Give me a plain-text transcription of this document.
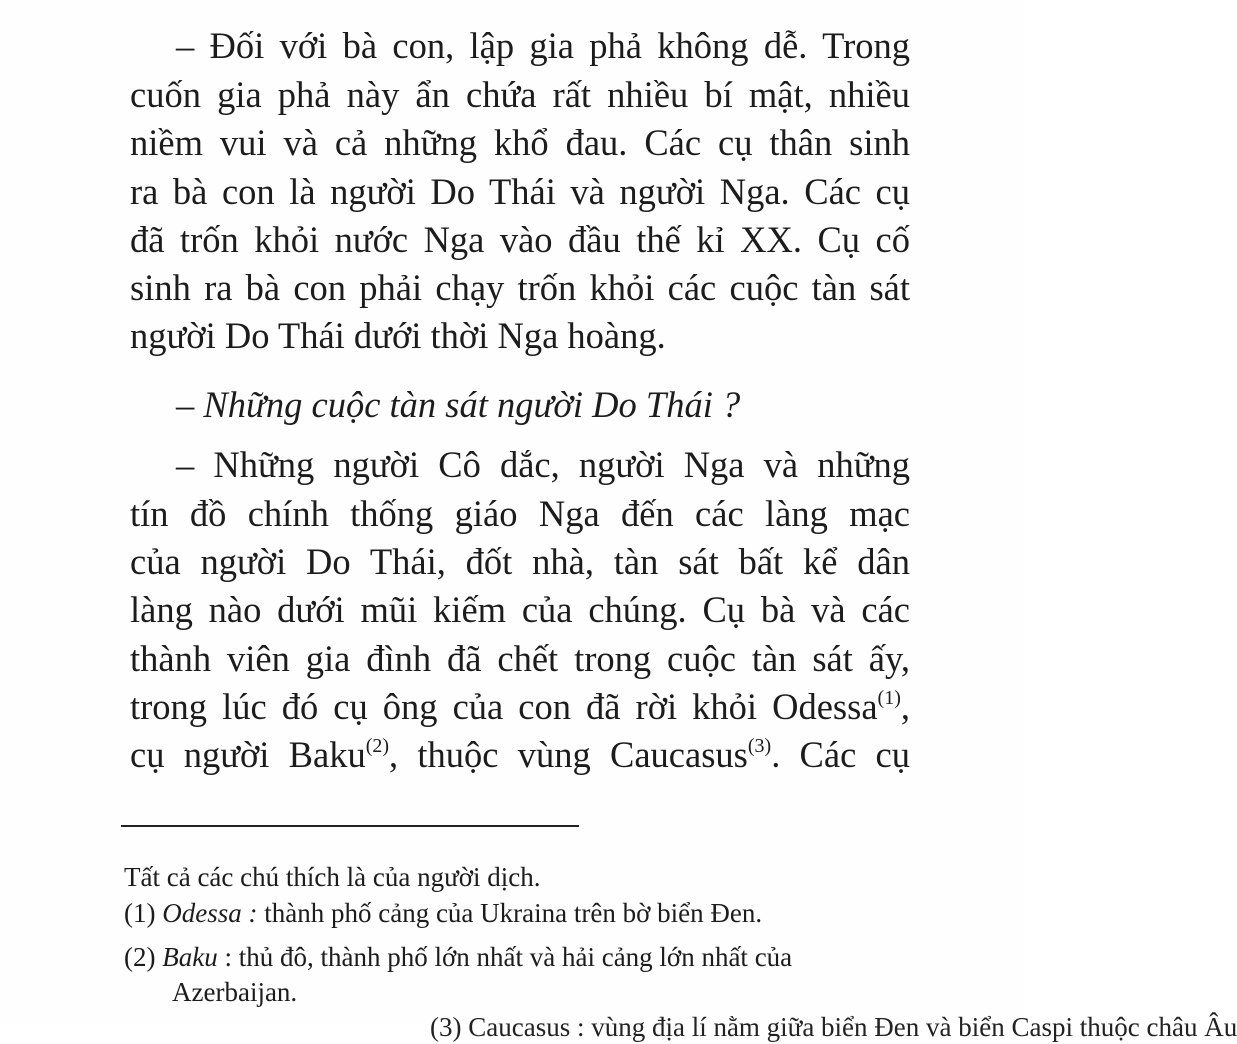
– Đối với bà con, lập gia phả không dễ. Trong
cuốn gia phả này ẩn chứa rất nhiều bí mật, nhiều
niềm vui và cả những khổ đau. Các cụ thân sinh
ra bà con là người Do Thái và người Nga. Các cụ
đã trốn khỏi nước Nga vào đầu thế kỉ XX. Cụ cố
sinh ra bà con phải chạy trốn khỏi các cuộc tàn sát
người Do Thái dưới thời Nga hoàng.
– Những cuộc tàn sát người Do Thái ?
– Những người Cô dắc, người Nga và những
tín đồ chính thống giáo Nga đến các làng mạc
của người Do Thái, đốt nhà, tàn sát bất kể dân
làng nào dưới mũi kiếm của chúng. Cụ bà và các
thành viên gia đình đã chết trong cuộc tàn sát ấy,
trong lúc đó cụ ông của con đã rời khỏi Odessa$^{(1)}$,
cụ người Baku$^{(2)}$, thuộc vùng Caucasus$^{(3)}$. Các cụ
Tất cả các chú thích là của người dịch.
(1) Odessa : thành phố cảng của Ukraina trên bờ biển Đen.
(2) Baku : thủ đô, thành phố lớn nhất và hải cảng lớn nhất của
Azerbaijan.
(3) Caucasus : vùng địa lí nằm giữa biển Đen và biển Caspi thuộc châu Âu
